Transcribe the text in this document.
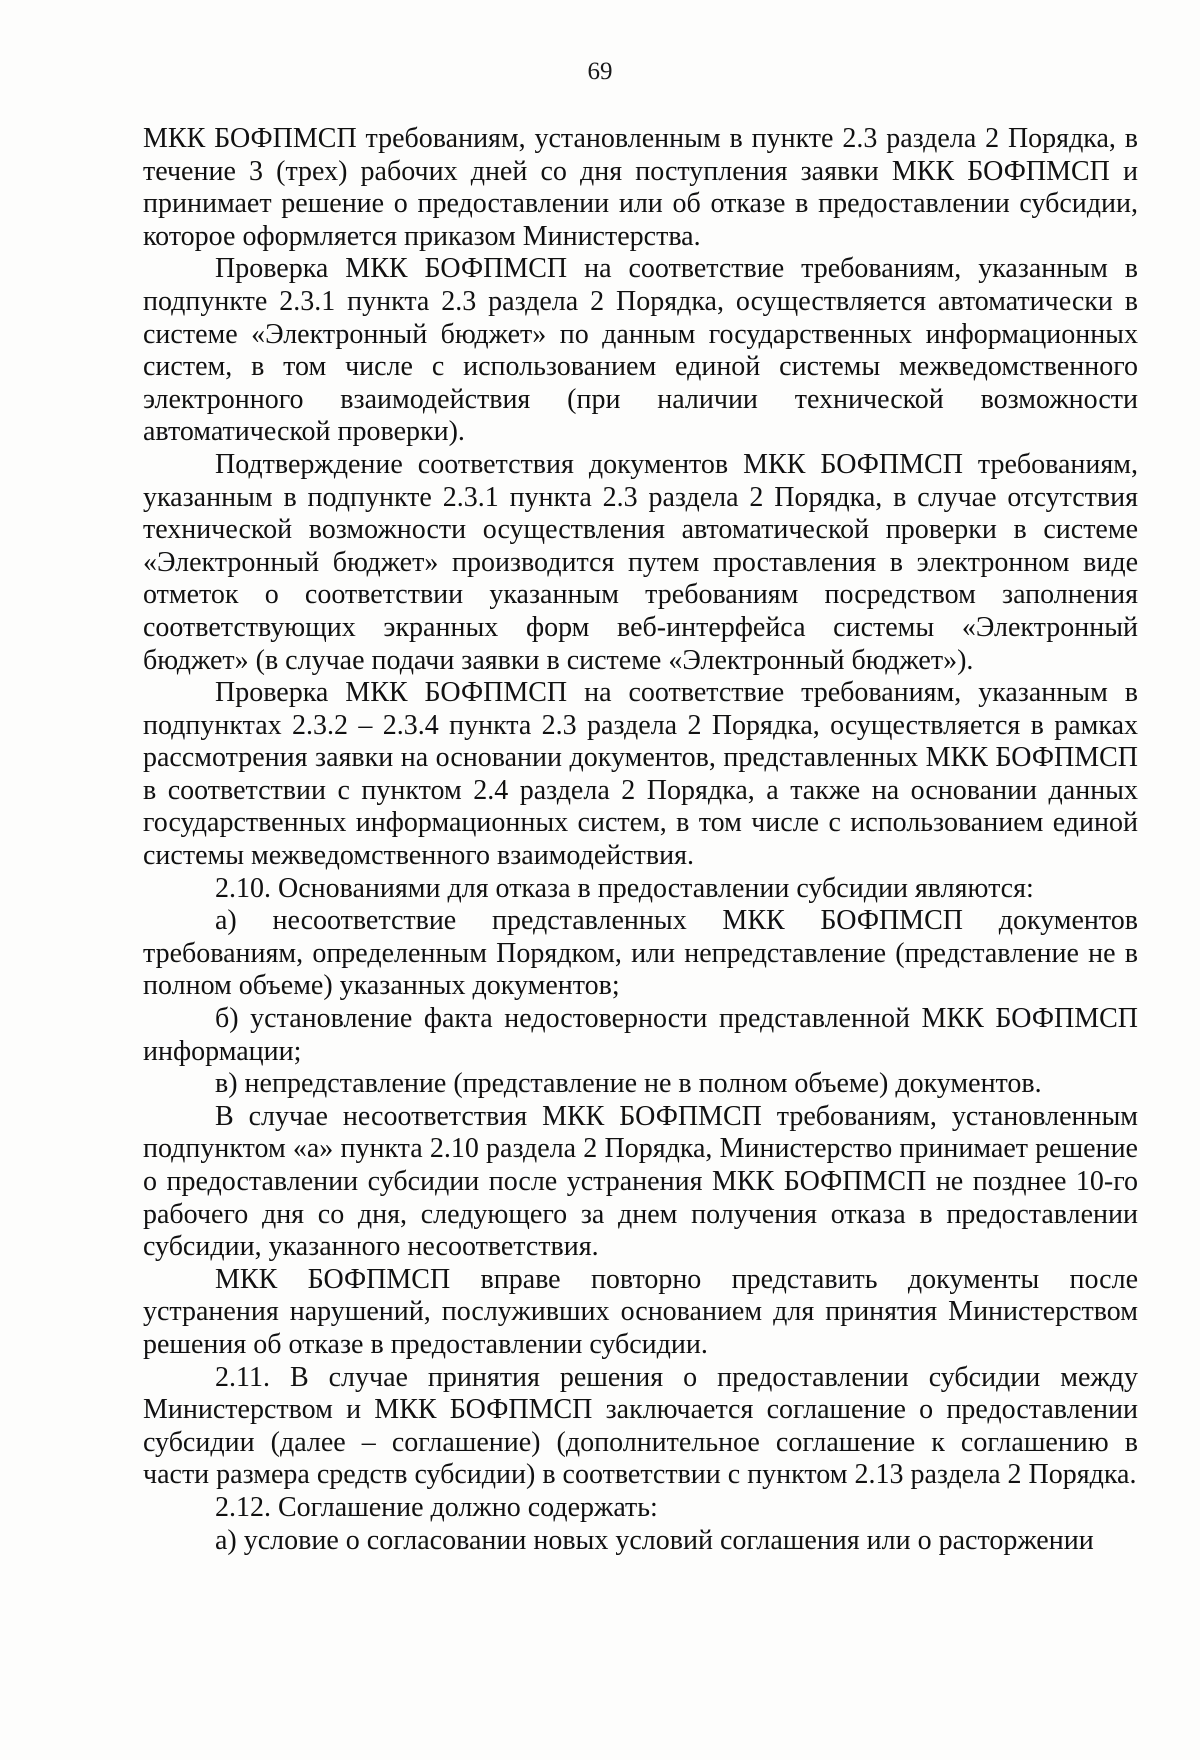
69

МКК БОФПМСП требованиям, установленным в пункте 2.3 раздела 2 Порядка, в течение 3 (трех) рабочих дней со дня поступления заявки МКК БОФПМСП и принимает решение о предоставлении или об отказе в предоставлении субсидии, которое оформляется приказом Министерства.

Проверка МКК БОФПМСП на соответствие требованиям, указанным в подпункте 2.3.1 пункта 2.3 раздела 2 Порядка, осуществляется автоматически в системе «Электронный бюджет» по данным государственных информационных систем, в том числе с использованием единой системы межведомственного электронного взаимодействия (при наличии технической возможности автоматической проверки).

Подтверждение соответствия документов МКК БОФПМСП требованиям, указанным в подпункте 2.3.1 пункта 2.3 раздела 2 Порядка, в случае отсутствия технической возможности осуществления автоматической проверки в системе «Электронный бюджет» производится путем проставления в электронном виде отметок о соответствии указанным требованиям посредством заполнения соответствующих экранных форм веб-интерфейса системы «Электронный бюджет» (в случае подачи заявки в системе «Электронный бюджет»).

Проверка МКК БОФПМСП на соответствие требованиям, указанным в подпунктах 2.3.2 – 2.3.4 пункта 2.3 раздела 2 Порядка, осуществляется в рамках рассмотрения заявки на основании документов, представленных МКК БОФПМСП в соответствии с пунктом 2.4 раздела 2 Порядка, а также на основании данных государственных информационных систем, в том числе с использованием единой системы межведомственного взаимодействия.

2.10. Основаниями для отказа в предоставлении субсидии являются:

а) несоответствие представленных МКК БОФПМСП документов требованиям, определенным Порядком, или непредставление (представление не в полном объеме) указанных документов;

б) установление факта недостоверности представленной МКК БОФПМСП информации;

в) непредставление (представление не в полном объеме) документов.

В случае несоответствия МКК БОФПМСП требованиям, установленным подпунктом «а» пункта 2.10 раздела 2 Порядка, Министерство принимает решение о предоставлении субсидии после устранения МКК БОФПМСП не позднее 10-го рабочего дня со дня, следующего за днем получения отказа в предоставлении субсидии, указанного несоответствия.

МКК БОФПМСП вправе повторно представить документы после устранения нарушений, послуживших основанием для принятия Министерством решения об отказе в предоставлении субсидии.

2.11. В случае принятия решения о предоставлении субсидии между Министерством и МКК БОФПМСП заключается соглашение о предоставлении субсидии (далее – соглашение) (дополнительное соглашение к соглашению в части размера средств субсидии) в соответствии с пунктом 2.13 раздела 2 Порядка.

2.12. Соглашение должно содержать:

а) условие о согласовании новых условий соглашения или о расторжении
